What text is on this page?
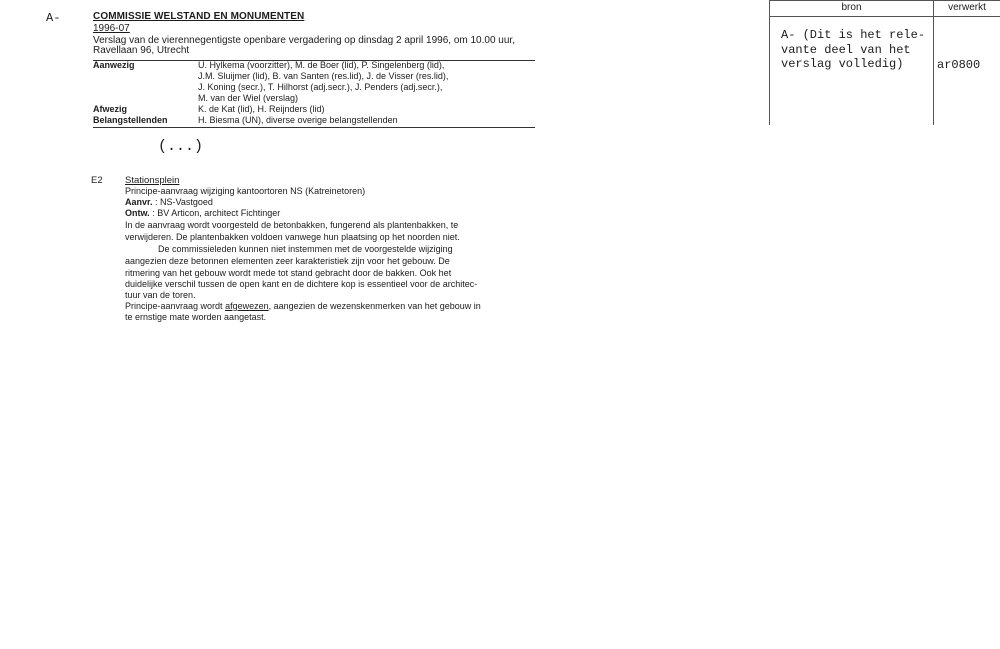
A-	COMMISSIE WELSTAND EN MONUMENTEN
1996-07
Verslag van de vierennegentigste openbare vergadering op dinsdag 2 april 1996, om 10.00 uur,
Ravellaan 96, Utrecht
Aanwezig	U. Hylkema (voorzitter), M. de Boer (lid), P. Singelenberg (lid),
J.M. Sluijmer (lid), B. van Santen (res.lid), J. de Visser (res.lid),
J. Koning (secr.), T. Hilhorst (adj.secr.), J. Penders (adj.secr.),
M. van der Wiel (verslag)
Afwezig	K. de Kat (lid), H. Reijnders (lid)
Belangstellenden	H. Biesma (UN), diverse overige belangstellenden
(...)
E2 Stationsplein
Principe-aanvraag wijziging kantoortoren NS (Katreinetoren)
Aanvr. : NS-Vastgoed
Ontw. : BV Articon, architect Fichtinger
In de aanvraag wordt voorgesteld de betonbakken, fungerend als plantenbakken, te
verwijderen. De plantenbakken voldoen vanwege hun plaatsing op het noorden niet.
De commissieleden kunnen niet instemmen met de voorgestelde wijziging
aangezien deze betonnen elementen zeer karakteristiek zijn voor het gebouw. De
ritmering van het gebouw wordt mede tot stand gebracht door de bakken. Ook het
duidelijke verschil tussen de open kant en de dichtere kop is essentieel voor de architec-
tuur van de toren.
Principe-aanvraag wordt afgewezen, aangezien de wezenskenmerken van het gebouw in
te ernstige mate worden aangetast.
bron	verwerkt
A- (Dit is het rele-
vante deel van het
verslag volledig)	ar0800
